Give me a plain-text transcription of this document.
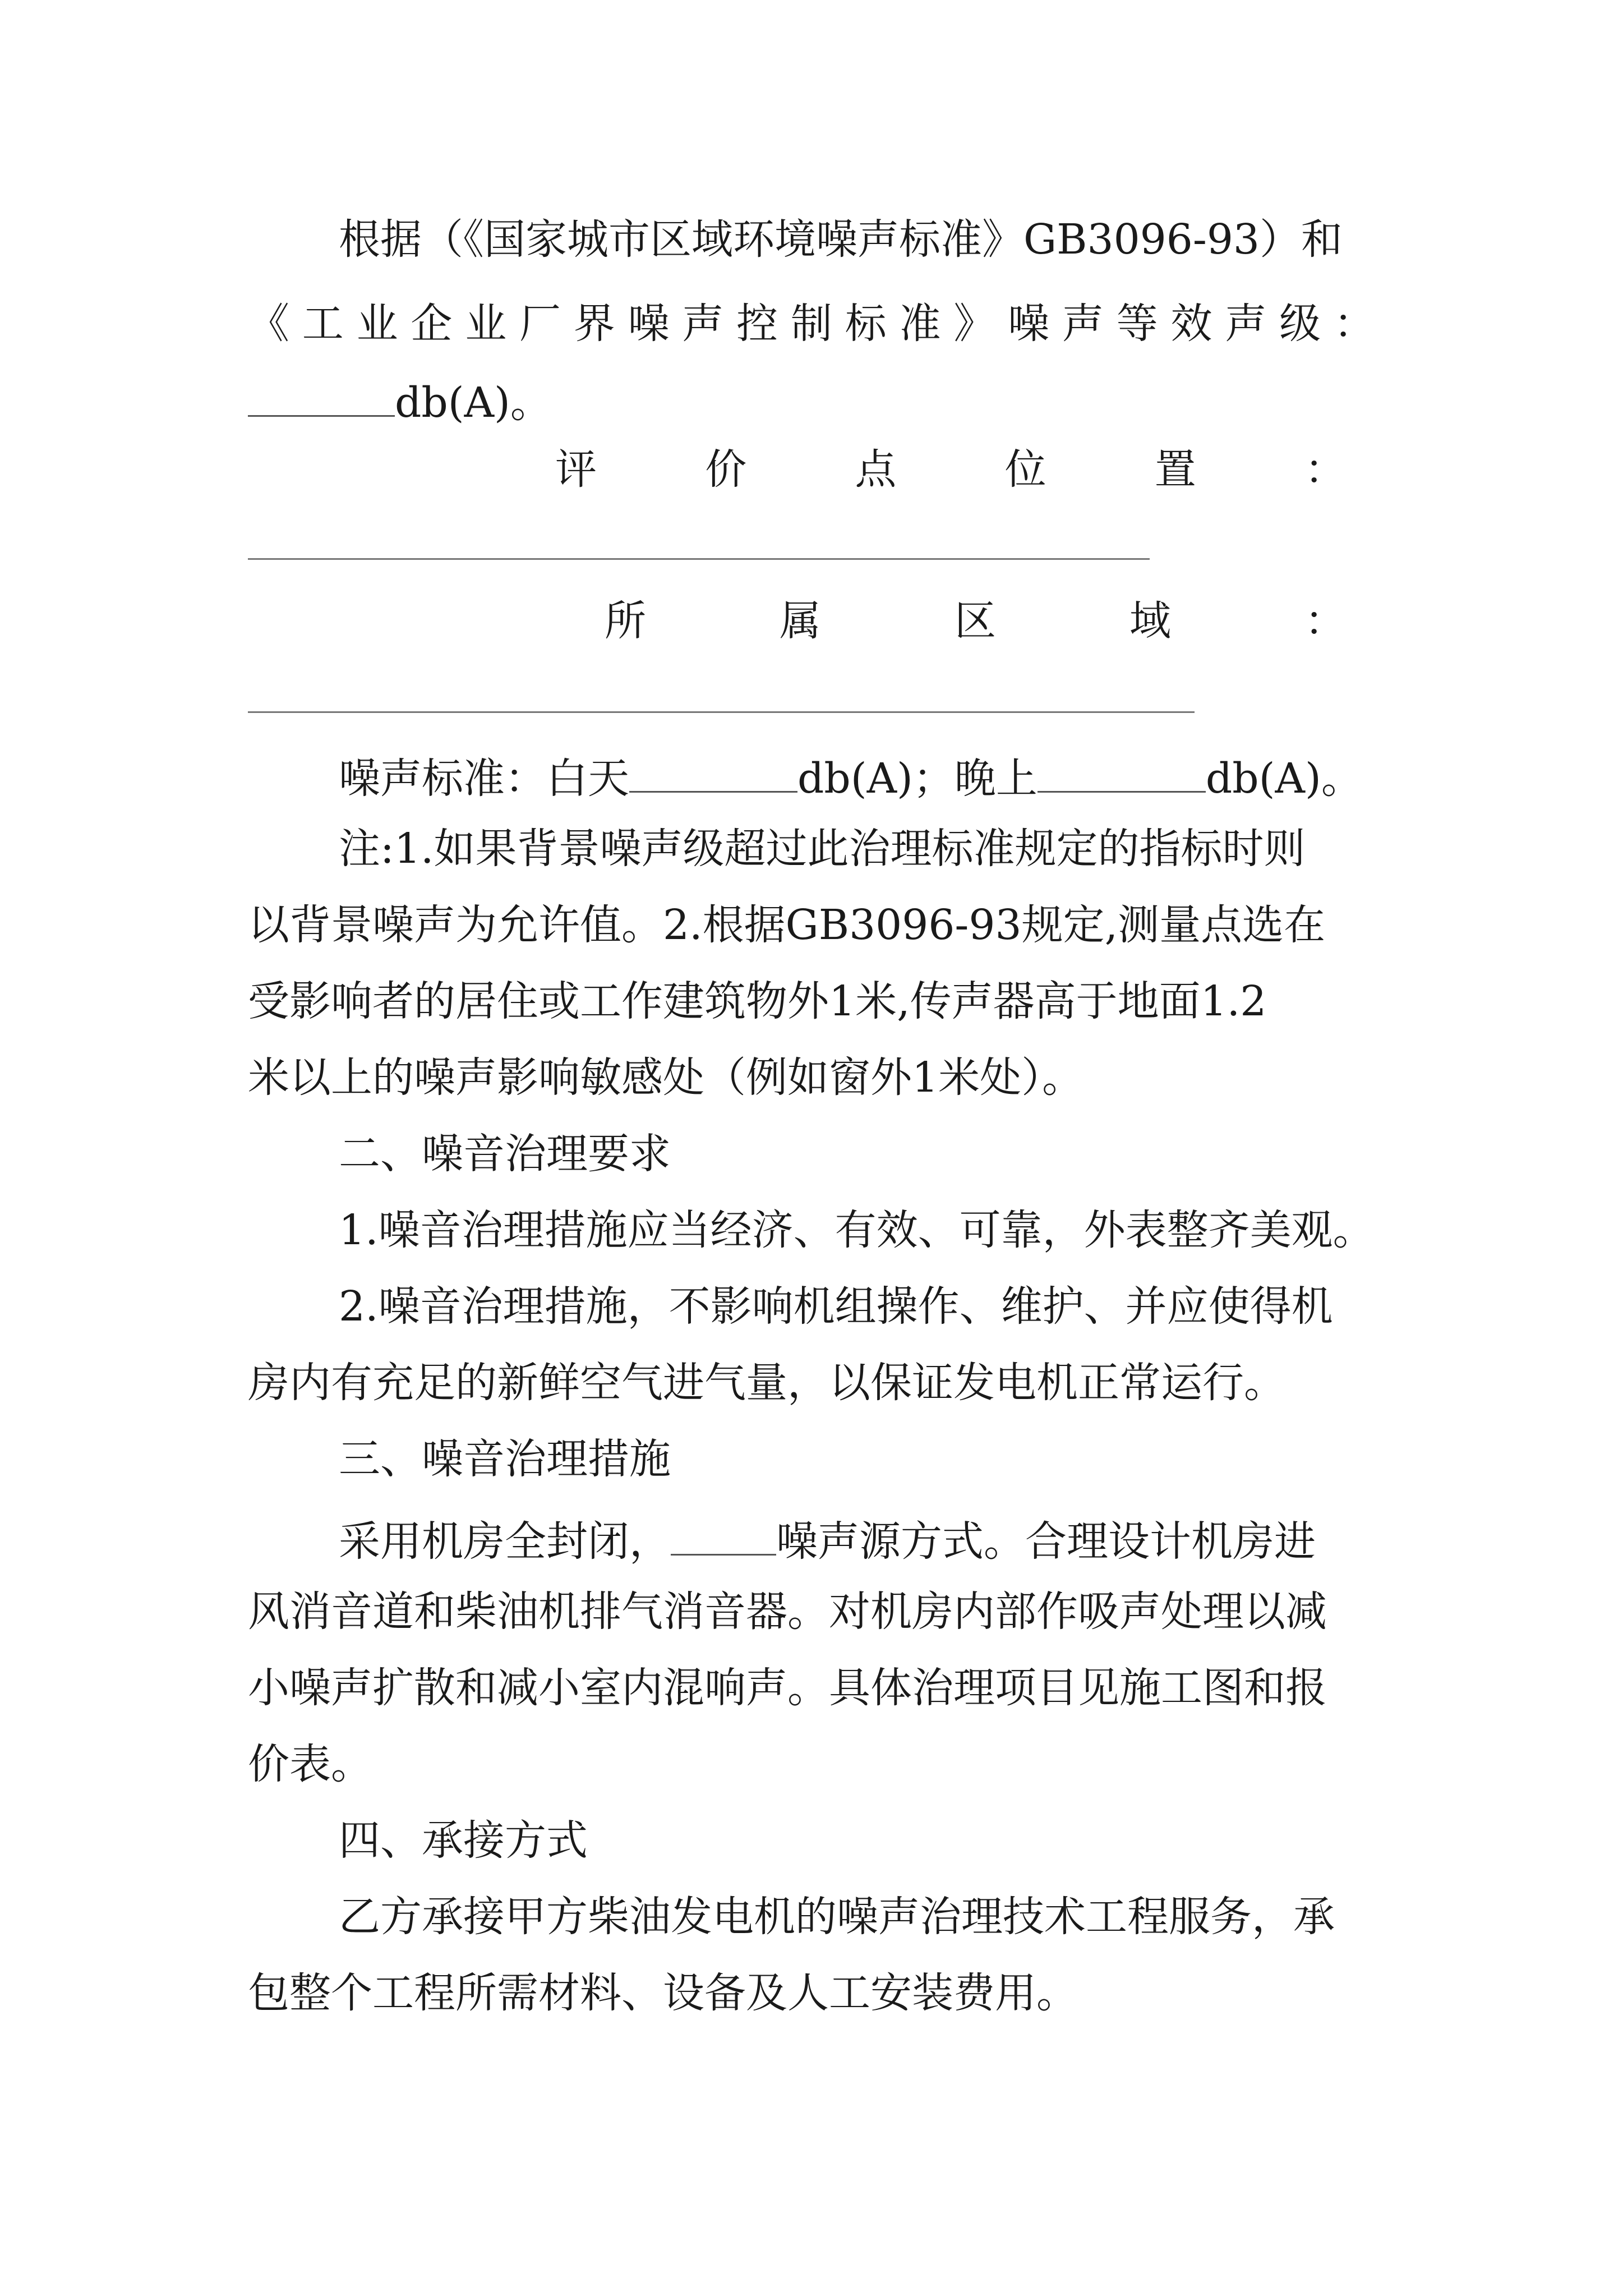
根据（《国家城市区域环境噪声标准》GB3096-93）和
《 工 业 企 业 厂 界 噪 声 控 制 标 准 》 噪 声 等 效 声 级 ：
db(A)。
评	价	点	位	置	：
所	属	区	域	：
噪声标准：白天	db(A)；晚上	db(A)。
注:1.如果背景噪声级超过此治理标准规定的指标时则
以背景噪声为允许值。2.根据GB3096-93规定,测量点选在
受影响者的居住或工作建筑物外1米,传声器高于地面1.2
米以上的噪声影响敏感处（例如窗外1米处）。
二、噪音治理要求
1.噪音治理措施应当经济、有效、可靠，外表整齐美观。
2.噪音治理措施，不影响机组操作、维护、并应使得机
房内有充足的新鲜空气进气量，以保证发电机正常运行。
三、噪音治理措施
采用机房全封闭，	噪声源方式。合理设计机房进
风消音道和柴油机排气消音器。对机房内部作吸声处理以减
小噪声扩散和减小室内混响声。具体治理项目见施工图和报
价表。
四、承接方式
乙方承接甲方柴油发电机的噪声治理技术工程服务，承
包整个工程所需材料、设备及人工安装费用。
